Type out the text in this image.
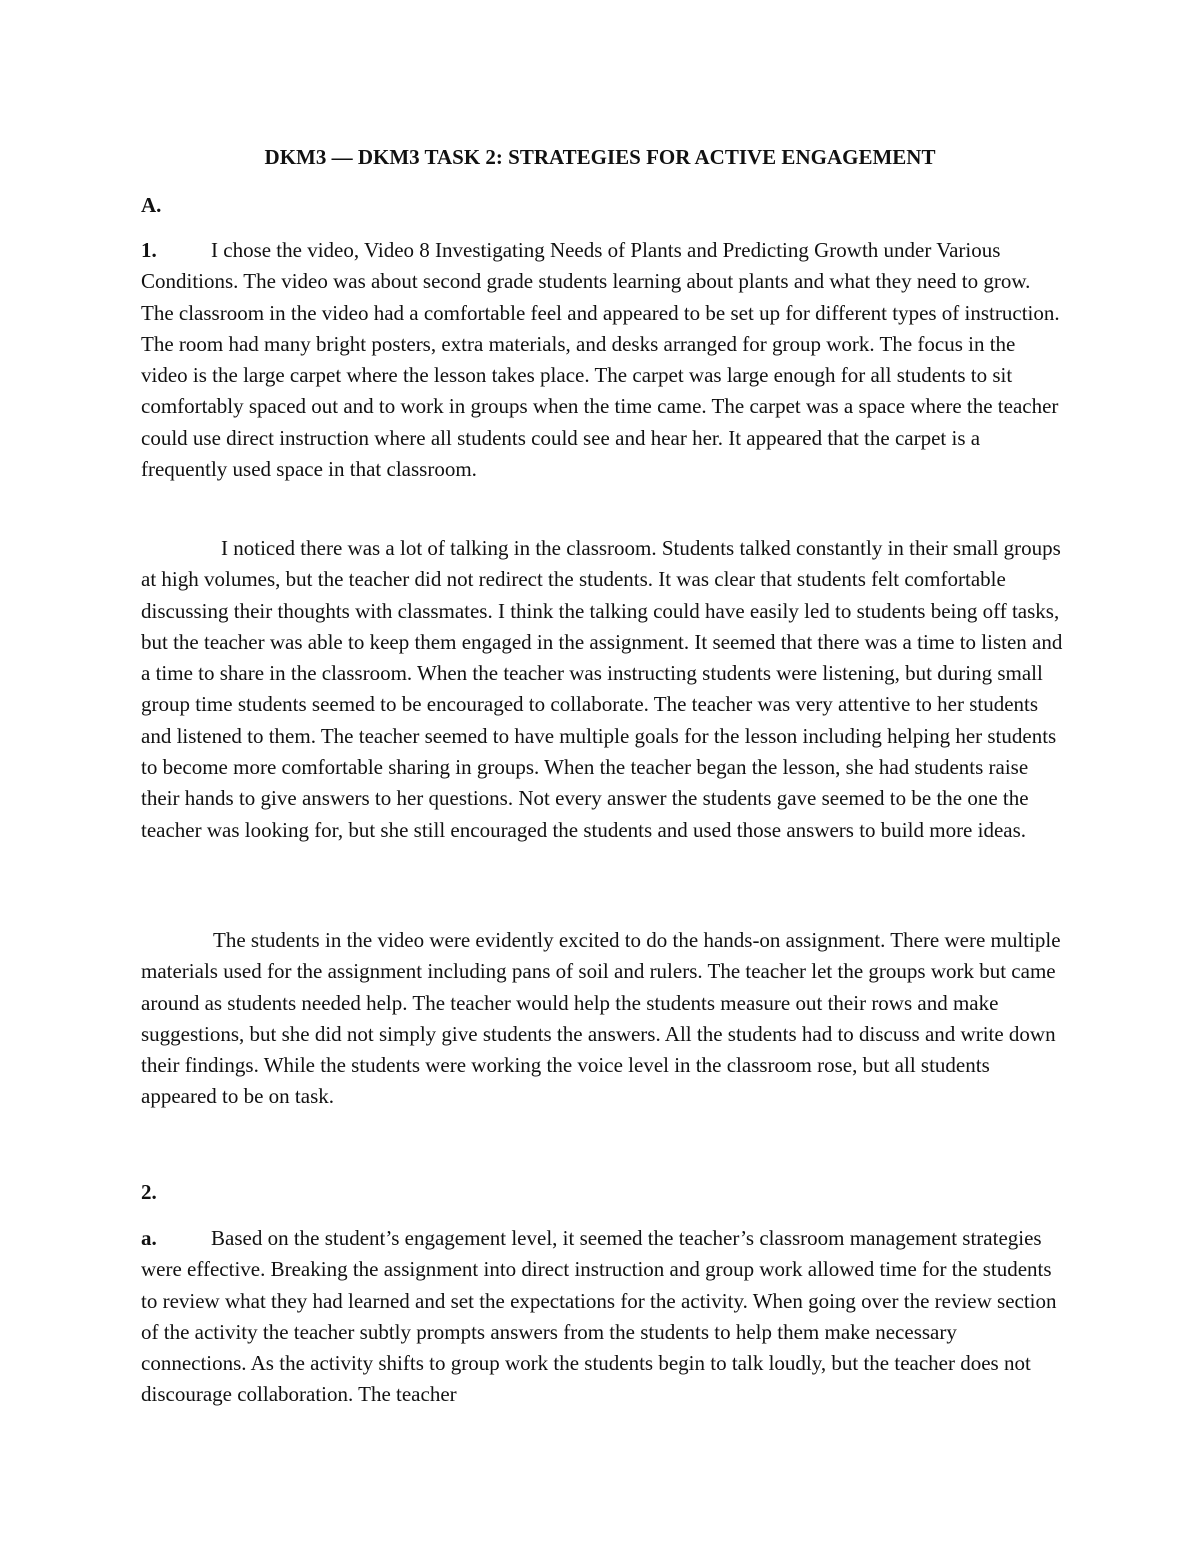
DKM3 — DKM3 TASK 2: STRATEGIES FOR ACTIVE ENGAGEMENT

A.

1.	I chose the video, Video 8 Investigating Needs of Plants and Predicting Growth under Various Conditions. The video was about second grade students learning about plants and what they need to grow. The classroom in the video had a comfortable feel and appeared to be set up for different types of instruction. The room had many bright posters, extra materials, and desks arranged for group work. The focus in the video is the large carpet where the lesson takes place. The carpet was large enough for all students to sit comfortably spaced out and to work in groups when the time came. The carpet was a space where the teacher could use direct instruction where all students could see and hear her. It appeared that the carpet is a frequently used space in that classroom.

I noticed there was a lot of talking in the classroom. Students talked constantly in their small groups at high volumes, but the teacher did not redirect the students. It was clear that students felt comfortable discussing their thoughts with classmates. I think the talking could have easily led to students being off tasks, but the teacher was able to keep them engaged in the assignment. It seemed that there was a time to listen and a time to share in the classroom. When the teacher was instructing students were listening, but during small group time students seemed to be encouraged to collaborate. The teacher was very attentive to her students and listened to them. The teacher seemed to have multiple goals for the lesson including helping her students to become more comfortable sharing in groups. When the teacher began the lesson, she had students raise their hands to give answers to her questions. Not every answer the students gave seemed to be the one the teacher was looking for, but she still encouraged the students and used those answers to build more ideas.

The students in the video were evidently excited to do the hands-on assignment. There were multiple materials used for the assignment including pans of soil and rulers. The teacher let the groups work but came around as students needed help. The teacher would help the students measure out their rows and make suggestions, but she did not simply give students the answers. All the students had to discuss and write down their findings. While the students were working the voice level in the classroom rose, but all students appeared to be on task.

2.

a.	Based on the student’s engagement level, it seemed the teacher’s classroom management strategies were effective. Breaking the assignment into direct instruction and group work allowed time for the students to review what they had learned and set the expectations for the activity. When going over the review section of the activity the teacher subtly prompts answers from the students to help them make necessary connections. As the activity shifts to group work the students begin to talk loudly, but the teacher does not discourage collaboration. The teacher
